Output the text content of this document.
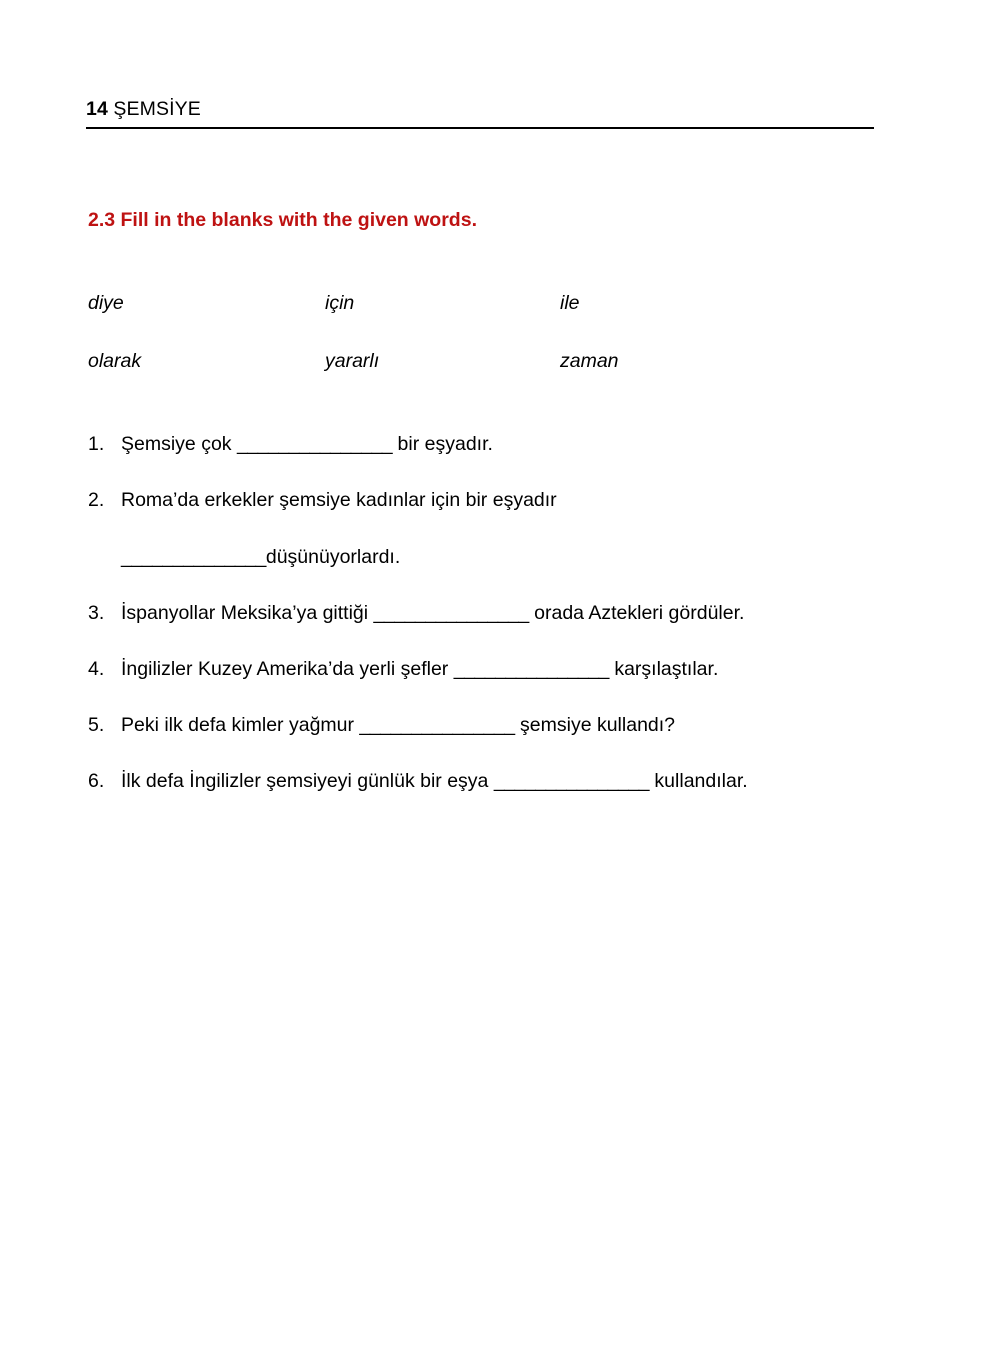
14 ŞEMSİYE
2.3 Fill in the blanks with the given words.
diye	için	ile
olarak	yararlı	zaman
1. Şemsiye çok _______________ bir eşyadır.
2. Roma’da erkekler şemsiye kadınlar için bir eşyadır
______________düşünüyorlardı.
3. İspanyollar Meksika’ya gittiği _______________ orada Aztekleri gördüler.
4. İngilizler Kuzey Amerika’da yerli şefler _______________ karşılaştılar.
5. Peki ilk defa kimler yağmur _______________ şemsiye kullandı?
6. İlk defa İngilizler şemsiyeyi günlük bir eşya _______________ kullandılar.
